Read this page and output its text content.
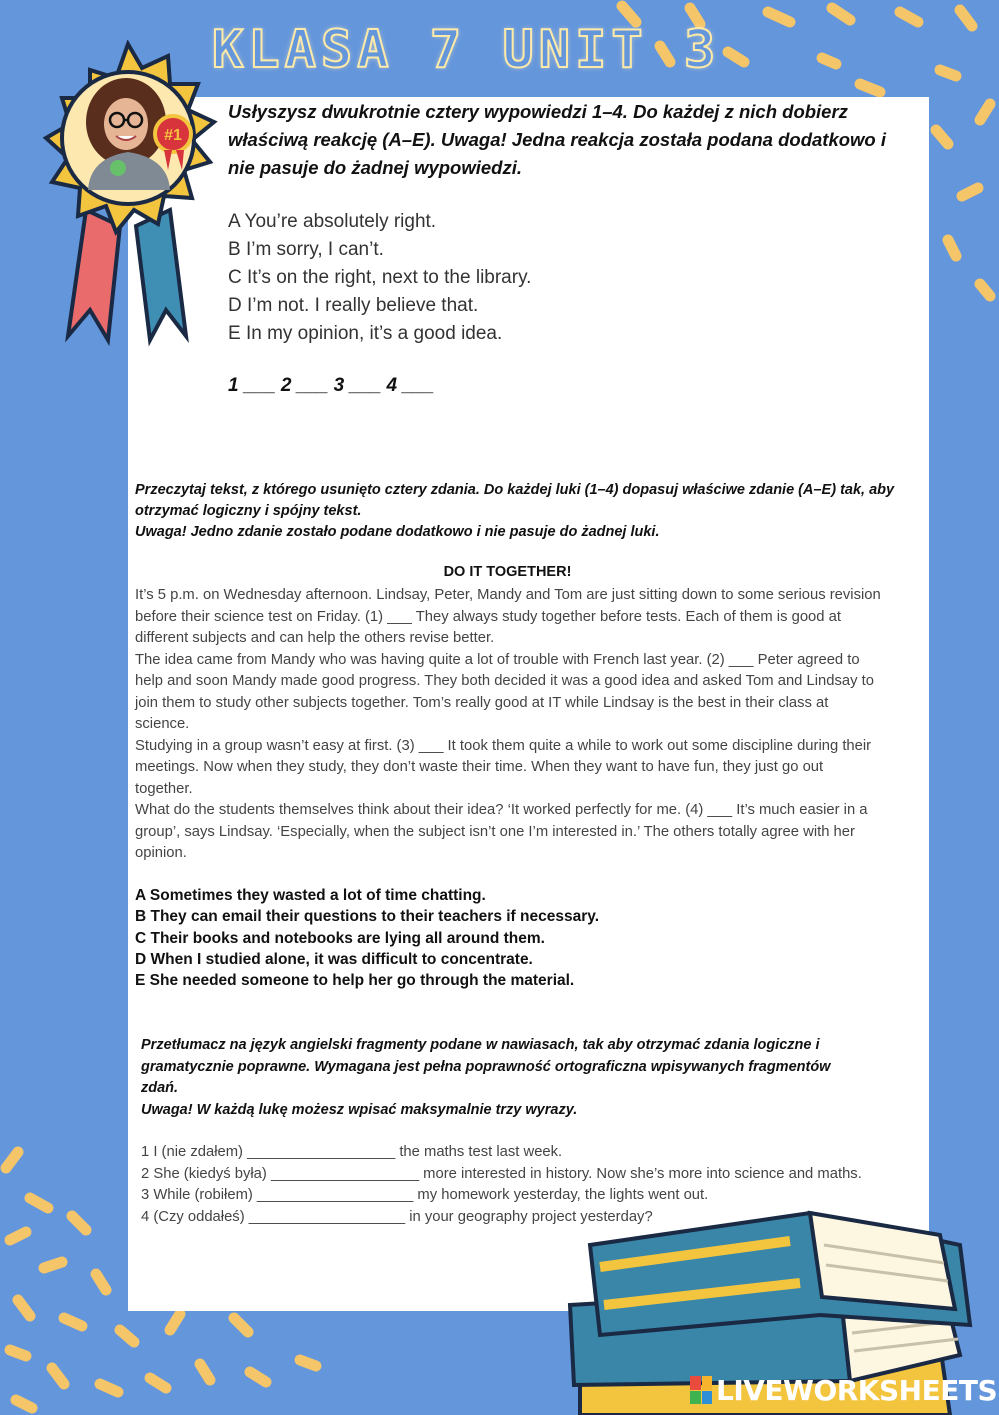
KLASA 7 UNIT 3

Usłyszysz dwukrotnie cztery wypowiedzi 1–4. Do każdej z nich dobierz właściwą reakcję (A–E). Uwaga! Jedna reakcja została podana dodatkowo i nie pasuje do żadnej wypowiedzi.

A You’re absolutely right.
B I’m sorry, I can’t.
C It’s on the right, next to the library.
D I’m not. I really believe that.
E In my opinion, it’s a good idea.

1 ___ 2 ___ 3 ___ 4 ___

Przeczytaj tekst, z którego usunięto cztery zdania. Do każdej luki (1–4) dopasuj właściwe zdanie (A–E) tak, aby otrzymać logiczny i spójny tekst.
Uwaga! Jedno zdanie zostało podane dodatkowo i nie pasuje do żadnej luki.

DO IT TOGETHER!

It’s 5 p.m. on Wednesday afternoon. Lindsay, Peter, Mandy and Tom are just sitting down to some serious revision before their science test on Friday. (1) ___ They always study together before tests. Each of them is good at different subjects and can help the others revise better.

The idea came from Mandy who was having quite a lot of trouble with French last year. (2) ___ Peter agreed to help and soon Mandy made good progress. They both decided it was a good idea and asked Tom and Lindsay to join them to study other subjects together. Tom’s really good at IT while Lindsay is the best in their class at science.

Studying in a group wasn’t easy at first. (3) ___ It took them quite a while to work out some discipline during their meetings. Now when they study, they don’t waste their time. When they want to have fun, they just go out together.

What do the students themselves think about their idea? ‘It worked perfectly for me. (4) ___ It’s much easier in a group’, says Lindsay. ‘Especially, when the subject isn’t one I’m interested in.’ The others totally agree with her opinion.

A Sometimes they wasted a lot of time chatting.
B They can email their questions to their teachers if necessary.
C Their books and notebooks are lying all around them.
D When I studied alone, it was difficult to concentrate.
E She needed someone to help her go through the material.
Przetłumacz na język angielski fragmenty podane w nawiasach, tak aby otrzymać zdania logiczne i gramatycznie poprawne. Wymagana jest pełna poprawność ortograficzna wpisywanych fragmentów zdań.
Uwaga! W każdą lukę możesz wpisać maksymalnie trzy wyrazy.
1 I (nie zdałem) __________________ the maths test last week.
2 She (kiedyś była) __________________ more interested in history. Now she’s more into science and maths.
3 While (robiłem) ___________________ my homework yesterday, the lights went out.
4 (Czy oddałeś) ___________________ in your geography project yesterday?
#1
LIVEWORKSHEETS
